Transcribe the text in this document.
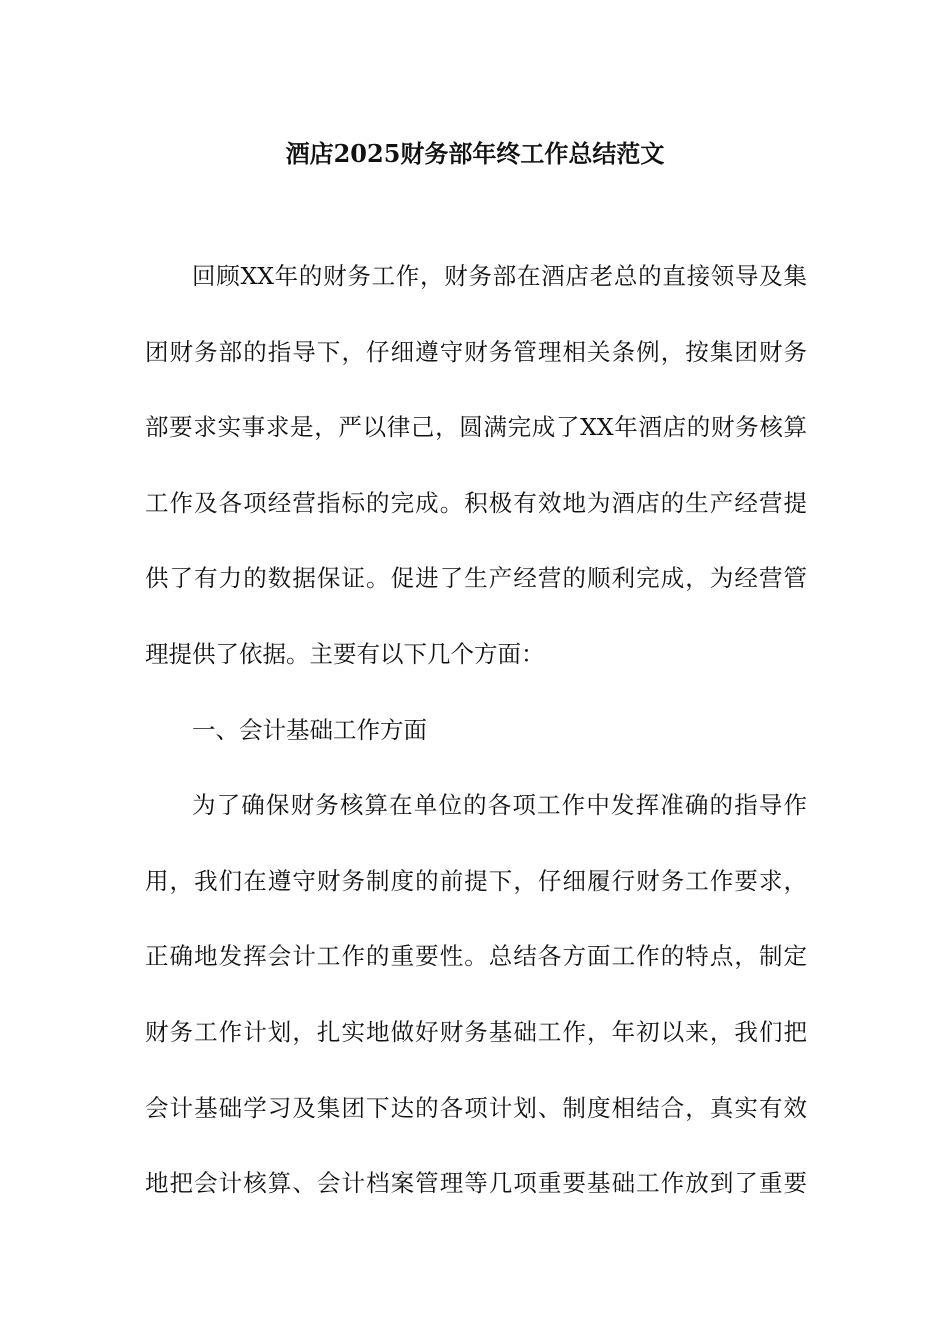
酒店2025财务部年终工作总结范文
回顾XX年的财务工作，财务部在酒店老总的直接领导及集
团财务部的指导下，仔细遵守财务管理相关条例，按集团财务
部要求实事求是，严以律己，圆满完成了XX年酒店的财务核算
工作及各项经营指标的完成。积极有效地为酒店的生产经营提
供了有力的数据保证。促进了生产经营的顺利完成，为经营管
理提供了依据。主要有以下几个方面：
一、会计基础工作方面
为了确保财务核算在单位的各项工作中发挥准确的指导作
用，我们在遵守财务制度的前提下，仔细履行财务工作要求，
正确地发挥会计工作的重要性。总结各方面工作的特点，制定
财务工作计划，扎实地做好财务基础工作，年初以来，我们把
会计基础学习及集团下达的各项计划、制度相结合，真实有效
地把会计核算、会计档案管理等几项重要基础工作放到了重要
